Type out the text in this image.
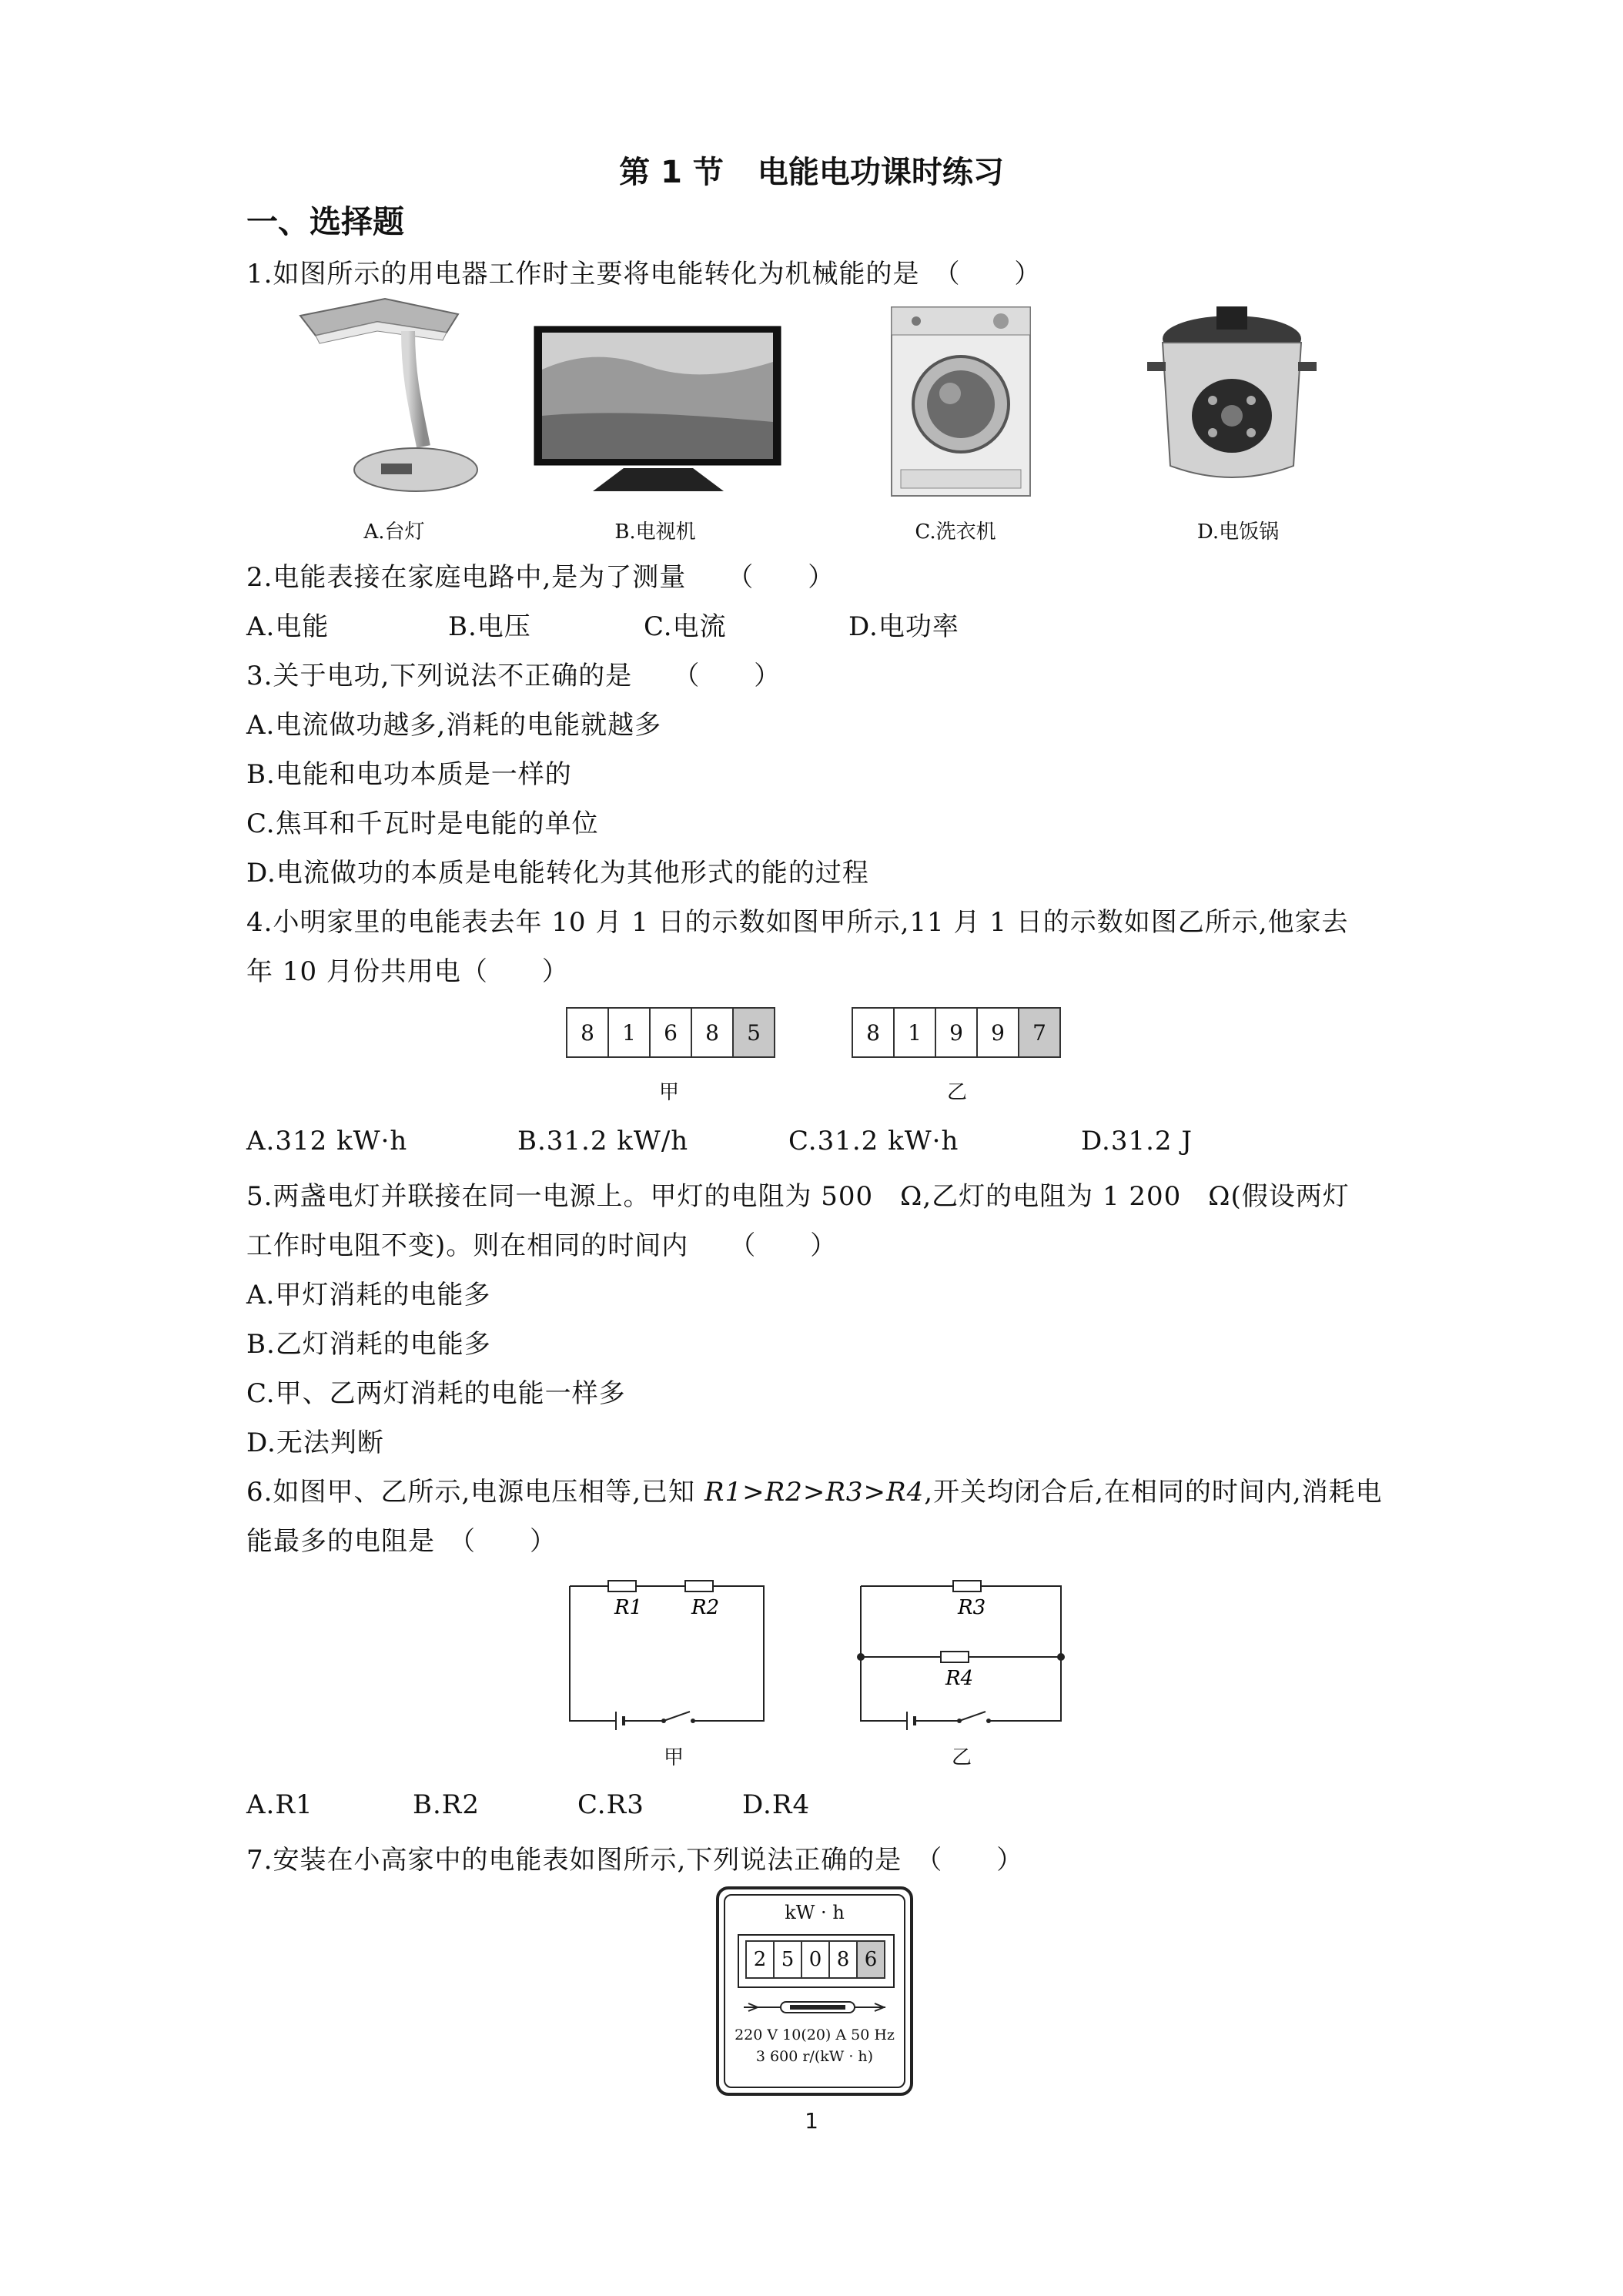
第 1 节 电能电功课时练习
一、选择题
1.如图所示的用电器工作时主要将电能转化为机械能的是　（　　）
A.台灯	B.电视机	C.洗衣机	D.电饭锅
2.电能表接在家庭电路中,是为了测量　　（　　）
A.电能	B.电压	C.电流	D.电功率
3.关于电功,下列说法不正确的是　　（　　）
A.电流做功越多,消耗的电能就越多
B.电能和电功本质是一样的
C.焦耳和千瓦时是电能的单位
D.电流做功的本质是电能转化为其他形式的能的过程
4.小明家里的电能表去年 10 月 1 日的示数如图甲所示,11 月 1 日的示数如图乙所示,他家去
年 10 月份共用电（　　）
8	1	6	8	5	8	1	9	9	7
甲	乙
A.312 kW·h	B.31.2 kW/h	C.31.2 kW·h	D.31.2 J
5.两盏电灯并联接在同一电源上。甲灯的电阻为 500　Ω,乙灯的电阻为 1 200　Ω(假设两灯
工作时电阻不变)。则在相同的时间内　　（　　）
A.甲灯消耗的电能多
B.乙灯消耗的电能多
C.甲、乙两灯消耗的电能一样多
D.无法判断
6.如图甲、乙所示,电源电压相等,已知 R1>R2>R3>R4,开关均闭合后,在相同的时间内,消耗电
能最多的电阻是　（　　）
R1 R2
甲
R3
R4
乙
A.R1	B.R2	C.R3	D.R4
7.安装在小高家中的电能表如图所示,下列说法正确的是　（　　）
kW · h
2 5 0 8 6
220 V 10(20) A 50 Hz
3 600 r/(kW · h)
1
